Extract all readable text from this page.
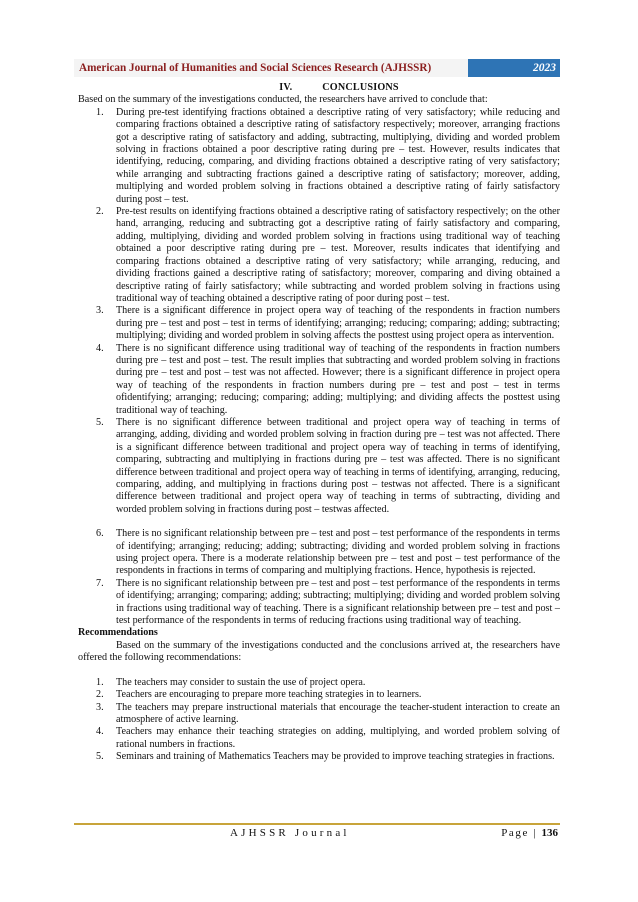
American Journal of Humanities and Social Sciences Research (AJHSSR)	2023

IV.	CONCLUSIONS

Based on the summary of the investigations conducted, the researchers have arrived to conclude that:

1. During pre-test identifying fractions obtained a descriptive rating of very satisfactory; while reducing and comparing fractions obtained a descriptive rating of satisfactory respectively; moreover, arranging fractions got a descriptive rating of satisfactory and adding, subtracting, multiplying, dividing and worded problem solving in fractions obtained a poor descriptive rating during pre – test. However, results indicates that identifying, reducing, comparing, and dividing fractions obtained a descriptive rating of very satisfactory; while arranging and subtracting fractions gained a descriptive rating of satisfactory; moreover, adding, multiplying and worded problem solving in fractions obtained a descriptive rating of fairly satisfactory during post – test.
2. Pre-test results on identifying fractions obtained a descriptive rating of satisfactory respectively; on the other hand, arranging, reducing and subtracting got a descriptive rating of fairly satisfactory and comparing, adding, multiplying, dividing and worded problem solving in fractions using traditional way of teaching obtained a poor descriptive rating during pre – test. Moreover, results indicates that identifying and comparing fractions obtained a descriptive rating of very satisfactory; while arranging, reducing, and dividing fractions gained a descriptive rating of satisfactory; moreover, comparing and diving obtained a descriptive rating of fairly satisfactory; while subtracting and worded problem solving in fractions using traditional way of teaching obtained a descriptive rating of poor during post – test.
3. There is a significant difference in project opera way of teaching of the respondents in fraction numbers during pre – test and post – test in terms of identifying; arranging; reducing; comparing; adding; subtracting; multiplying; dividing and worded problem in solving affects the posttest using project opera as intervention.
4. There is no significant difference using traditional way of teaching of the respondents in fraction numbers during pre – test and post – test. The result implies that subtracting and worded problem solving in fractions during pre – test and post – test was not affected. However; there is a significant difference in project opera way of teaching of the respondents in fraction numbers during pre – test and post – test in terms ofidentifying; arranging; reducing; comparing; adding; multiplying; and dividing affects the posttest using traditional way of teaching.
5. There is no significant difference between traditional and project opera way of teaching in terms of arranging, adding, dividing and worded problem solving in fraction during pre – test was not affected. There is a significant difference between traditional and project opera way of teaching in terms of identifying, comparing, subtracting and multiplying in fractions during pre – test was affected. There is no significant difference between traditional and project opera way of teaching in terms of identifying, arranging, reducing, comparing, adding, and multiplying in fractions during post – testwas not affected. There is a significant difference between traditional and project opera way of teaching in terms of subtracting, dividing and worded problem solving in fractions during post – testwas affected.
6. There is no significant relationship between pre – test and post – test performance of the respondents in terms of identifying; arranging; reducing; adding; subtracting; dividing and worded problem solving in fractions using project opera. There is a moderate relationship between pre – test and post – test performance of the respondents in fractions in terms of comparing and multiplying fractions. Hence, hypothesis is rejected.
7. There is no significant relationship between pre – test and post – test performance of the respondents in terms of identifying; arranging; comparing; adding; subtracting; multiplying; dividing and worded problem solving in fractions using traditional way of teaching. There is a significant relationship between pre – test and post – test performance of the respondents in terms of reducing fractions using traditional way of teaching.

Recommendations

Based on the summary of the investigations conducted and the conclusions arrived at, the researchers have offered the following recommendations:

1. The teachers may consider to sustain the use of project opera.
2. Teachers are encouraging to prepare more teaching strategies in to learners.
3. The teachers may prepare instructional materials that encourage the teacher-student interaction to create an atmosphere of active learning.
4. Teachers may enhance their teaching strategies on adding, multiplying, and worded problem solving of rational numbers in fractions.
5. Seminars and training of Mathematics Teachers may be provided to improve teaching strategies in fractions.
AJHSSR Journal	Page | 136
